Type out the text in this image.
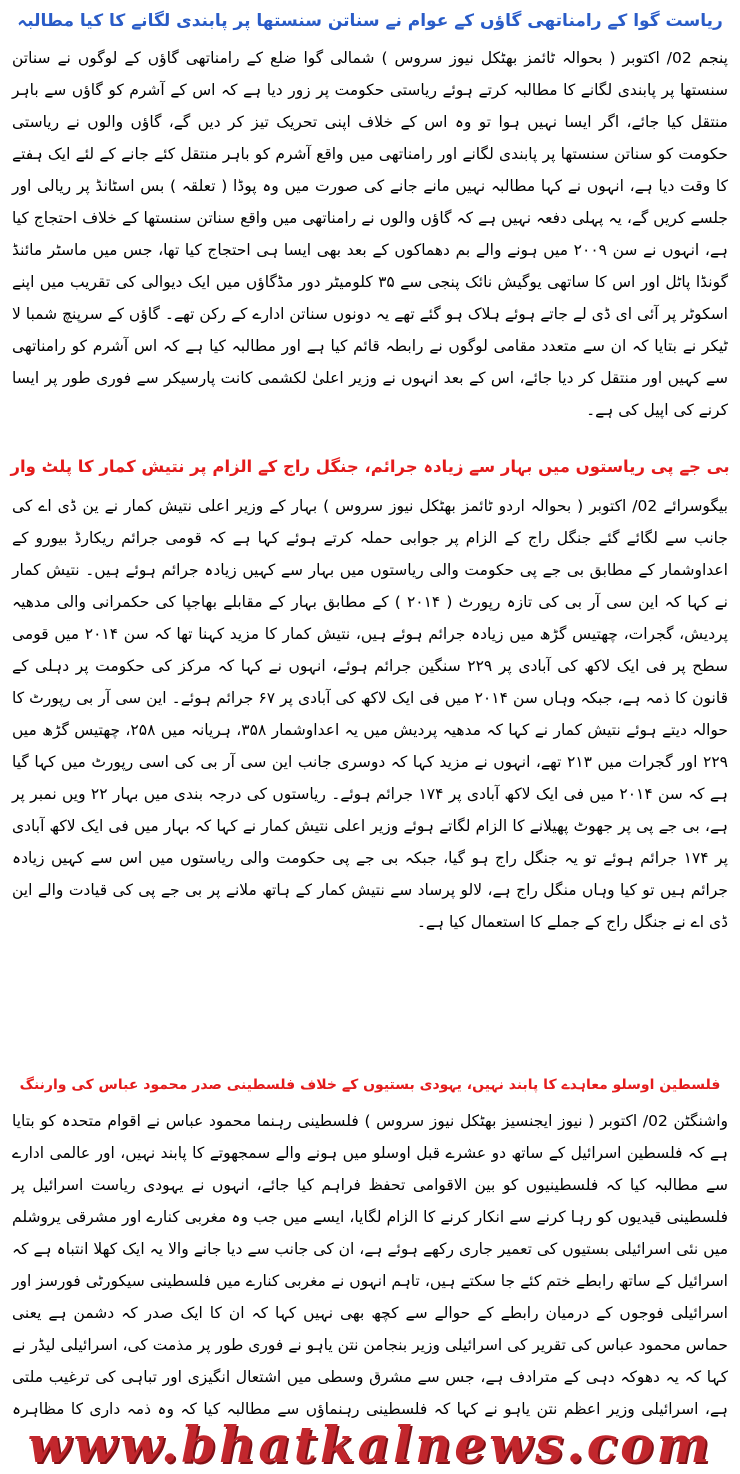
ریاست گوا کے رامناتھی گاؤں کے عوام نے سناتن سنستھا پر پابندی لگانے کا کیا مطالبہ

پنجم 02/ اکتوبر ( بحوالہ ٹائمز بھٹکل نیوز سروس ) شمالی گوا ضلع کے رامناتھی گاؤں کے لوگوں نے سناتن سنستھا پر پابندی لگانے کا مطالبہ کرتے ہوئے ریاستی حکومت پر زور دیا ہے کہ اس کے آشرم کو گاؤں سے باہر منتقل کیا جائے، اگر ایسا نہیں ہوا تو وہ اس کے خلاف اپنی تحریک تیز کر دیں گے، گاؤں والوں نے ریاستی حکومت کو سناتن سنستھا پر پابندی لگانے اور رامناتھی میں واقع آشرم کو باہر منتقل کئے جانے کے لئے ایک ہفتے کا وقت دیا ہے، انہوں نے کہا مطالبہ نہیں مانے جانے کی صورت میں وہ پوڈا ( تعلقہ ) بس اسٹانڈ پر ریالی اور جلسے کریں گے، یہ پہلی دفعہ نہیں ہے کہ گاؤں والوں نے رامناتھی میں واقع سناتن سنستھا کے خلاف احتجاج کیا ہے، انہوں نے سن ۲۰۰۹ میں ہونے والے بم دھماکوں کے بعد بھی ایسا ہی احتجاج کیا تھا، جس میں ماسٹر مائنڈ گونڈا پاٹل اور اس کا ساتھی یوگیش نائک پنجی سے ۳۵ کلومیٹر دور مڈگاؤں میں ایک دیوالی کی تقریب میں اپنے اسکوٹر پر آئی ای ڈی لے جاتے ہوئے ہلاک ہو گئے تھے یہ دونوں سناتن ادارے کے رکن تھے۔ گاؤں کے سرپنچ شمبا لا ٹیکر نے بتایا کہ ان سے متعدد مقامی لوگوں نے رابطہ قائم کیا ہے اور مطالبہ کیا ہے کہ اس آشرم کو رامناتھی سے کہیں اور منتقل کر دیا جائے، اس کے بعد انہوں نے وزیر اعلیٰ لکشمی کانت پارسیکر سے فوری طور پر ایسا کرنے کی اپیل کی ہے۔

بی جے پی ریاستوں میں بہار سے زیادہ جرائم، جنگل راج کے الزام پر نتیش کمار کا پلٹ وار

بیگوسرائے 02/ اکتوبر ( بحوالہ اردو ٹائمز بھٹکل نیوز سروس ) بہار کے وزیر اعلی نتیش کمار نے ین ڈی اے کی جانب سے لگائے گئے جنگل راج کے الزام پر جوابی حملہ کرتے ہوئے کہا ہے کہ قومی جرائم ریکارڈ بیورو کے اعداوشمار کے مطابق بی جے پی حکومت والی ریاستوں میں بہار سے کہیں زیادہ جرائم ہوئے ہیں۔ نتیش کمار نے کہا کہ این سی آر بی کی تازہ رپورٹ ( ۲۰۱۴ ) کے مطابق بہار کے مقابلے بھاجپا کی حکمرانی والی مدھیہ پردیش، گجرات، چھتیس گڑھ میں زیادہ جرائم ہوئے ہیں، نتیش کمار کا مزید کہنا تھا کہ سن ۲۰۱۴ میں قومی سطح پر فی ایک لاکھ کی آبادی پر ۲۲۹ سنگین جرائم ہوئے، انہوں نے کہا کہ مرکز کی حکومت پر دہلی کے قانون کا ذمہ ہے، جبکہ وہاں سن ۲۰۱۴ میں فی ایک لاکھ کی آبادی پر ۶۷ جرائم ہوئے۔ این سی آر بی رپورٹ کا حوالہ دیتے ہوئے نتیش کمار نے کہا کہ مدھیہ پردیش میں یہ اعداوشمار ۳۵۸، ہریانہ میں ۲۵۸، چھتیس گڑھ میں ۲۲۹ اور گجرات میں ۲۱۳ تھے، انہوں نے مزید کہا کہ دوسری جانب این سی آر بی کی اسی رپورٹ میں کہا گیا ہے کہ سن ۲۰۱۴ میں فی ایک لاکھ آبادی پر ۱۷۴ جرائم ہوئے۔ ریاستوں کی درجہ بندی میں بہار ۲۲ ویں نمبر پر ہے، بی جے پی پر جھوٹ پھیلانے کا الزام لگاتے ہوئے وزیر اعلی نتیش کمار نے کہا کہ بہار میں فی ایک لاکھ آبادی پر ۱۷۴ جرائم ہوئے تو یہ جنگل راج ہو گیا، جبکہ بی جے پی حکومت والی ریاستوں میں اس سے کہیں زیادہ جرائم ہیں تو کیا وہاں منگل راج ہے، لالو پرساد سے نتیش کمار کے ہاتھ ملانے پر بی جے پی کی قیادت والے این ڈی اے نے جنگل راج کے جملے کا استعمال کیا ہے۔

فلسطین اوسلو معاہدے کا پابند نہیں، یہودی بستیوں کے خلاف فلسطینی صدر محمود عباس کی وارننگ

واشنگٹن 02/ اکتوبر ( نیوز ایجنسیز بھٹکل نیوز سروس ) فلسطینی رہنما محمود عباس نے اقوام متحدہ کو بتایا ہے کہ فلسطین اسرائیل کے ساتھ دو عشرے قبل اوسلو میں ہونے والے سمجھوتے کا پابند نہیں، اور عالمی ادارے سے مطالبہ کیا کہ فلسطینیوں کو بین الاقوامی تحفظ فراہم کیا جائے، انہوں نے یہودی ریاست اسرائیل پر فلسطینی قیدیوں کو رہا کرنے سے انکار کرنے کا الزام لگایا، ایسے میں جب وہ مغربی کنارے اور مشرقی یروشلم میں نئی اسرائیلی بستیوں کی تعمیر جاری رکھے ہوئے ہے، ان کی جانب سے دیا جانے والا یہ ایک کھلا انتباہ ہے کہ اسرائیل کے ساتھ رابطے ختم کئے جا سکتے ہیں، تاہم انہوں نے مغربی کنارے میں فلسطینی سیکورٹی فورسز اور اسرائیلی فوجوں کے درمیان رابطے کے حوالے سے کچھ بھی نہیں کہا کہ ان کا ایک صدر کہ دشمن ہے یعنی حماس محمود عباس کی تقریر کی اسرائیلی وزیر بنجامن نتن یاہو نے فوری طور پر مذمت کی، اسرائیلی لیڈر نے کہا کہ یہ دھوکہ دہی کے مترادف ہے، جس سے مشرق وسطی میں اشتعال انگیزی اور تباہی کی ترغیب ملتی ہے، اسرائیلی وزیر اعظم نتن یاہو نے کہا کہ فلسطینی رہنماؤں سے مطالبہ کیا کہ وہ ذمہ داری کا مظاہرہ

www.bhatkalnews.com
